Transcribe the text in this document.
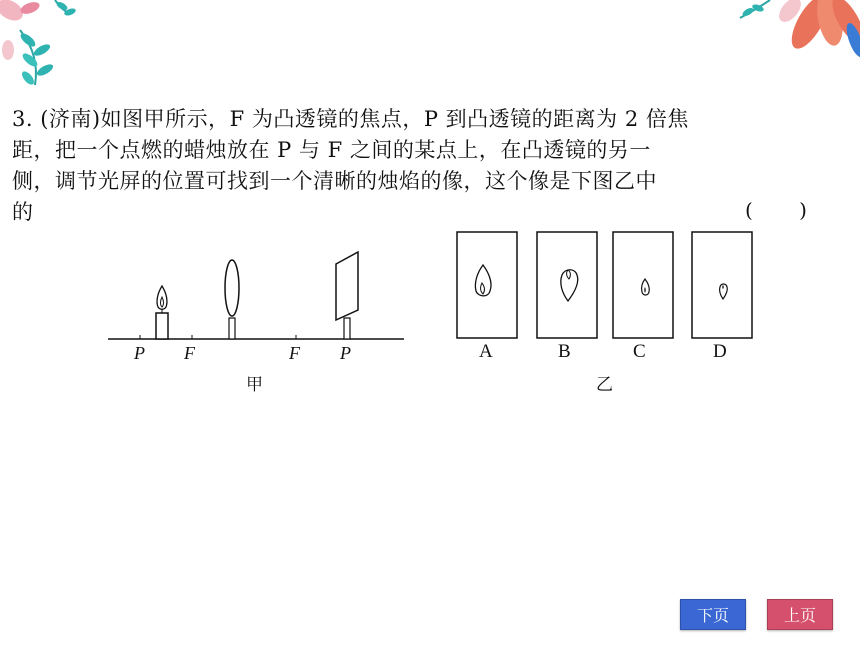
3. (济南)如图甲所示，F 为凸透镜的焦点，P 到凸透镜的距离为 2 倍焦
距，把一个点燃的蜡烛放在 P 与 F 之间的某点上，在凸透镜的另一
侧，调节光屏的位置可找到一个清晰的烛焰的像，这个像是下图乙中
的	( )
P F	F P
甲
A	B	C	D
乙
下页	上页
